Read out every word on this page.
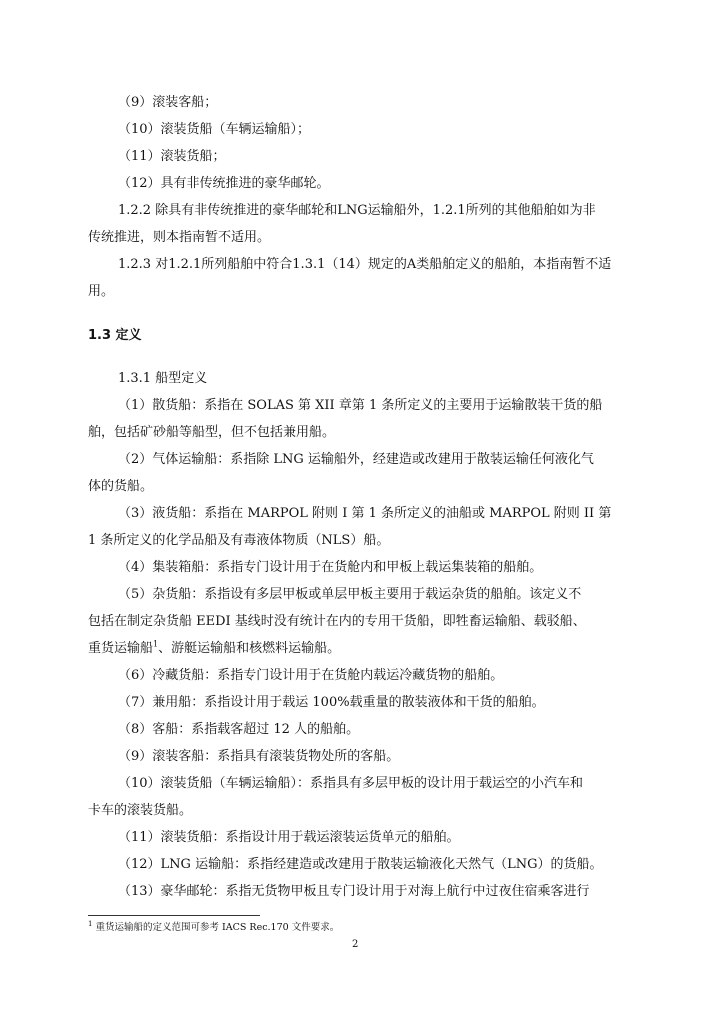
（9）滚装客船；
（10）滚装货船（车辆运输船）；
（11）滚装货船；
（12）具有非传统推进的豪华邮轮。
1.2.2 除具有非传统推进的豪华邮轮和LNG运输船外，1.2.1所列的其他船舶如为非
传统推进，则本指南暂不适用。
1.2.3 对1.2.1所列船舶中符合1.3.1（14）规定的A类船舶定义的船舶，本指南暂不适
用。
1.3 定义
1.3.1 船型定义
（1）散货船：系指在 SOLAS 第 XII 章第 1 条所定义的主要用于运输散装干货的船
舶，包括矿砂船等船型，但不包括兼用船。
（2）气体运输船：系指除 LNG 运输船外，经建造或改建用于散装运输任何液化气
体的货船。
（3）液货船：系指在 MARPOL 附则 I 第 1 条所定义的油船或 MARPOL 附则 II 第
1 条所定义的化学品船及有毒液体物质（NLS）船。
（4）集装箱船：系指专门设计用于在货舱内和甲板上载运集装箱的船舶。
（5）杂货船：系指设有多层甲板或单层甲板主要用于载运杂货的船舶。该定义不
包括在制定杂货船 EEDI 基线时没有统计在内的专用干货船，即牲畜运输船、载驳船、
重货运输船$^1$、游艇运输船和核燃料运输船。
（6）冷藏货船：系指专门设计用于在货舱内载运冷藏货物的船舶。
（7）兼用船：系指设计用于载运 100%载重量的散装液体和干货的船舶。
（8）客船：系指载客超过 12 人的船舶。
（9）滚装客船：系指具有滚装货物处所的客船。
（10）滚装货船（车辆运输船）：系指具有多层甲板的设计用于载运空的小汽车和
卡车的滚装货船。
（11）滚装货船：系指设计用于载运滚装运货单元的船舶。
（12）LNG 运输船：系指经建造或改建用于散装运输液化天然气（LNG）的货船。
（13）豪华邮轮：系指无货物甲板且专门设计用于对海上航行中过夜住宿乘客进行
$^1$ 重货运输船的定义范围可参考 IACS Rec.170 文件要求。
2
